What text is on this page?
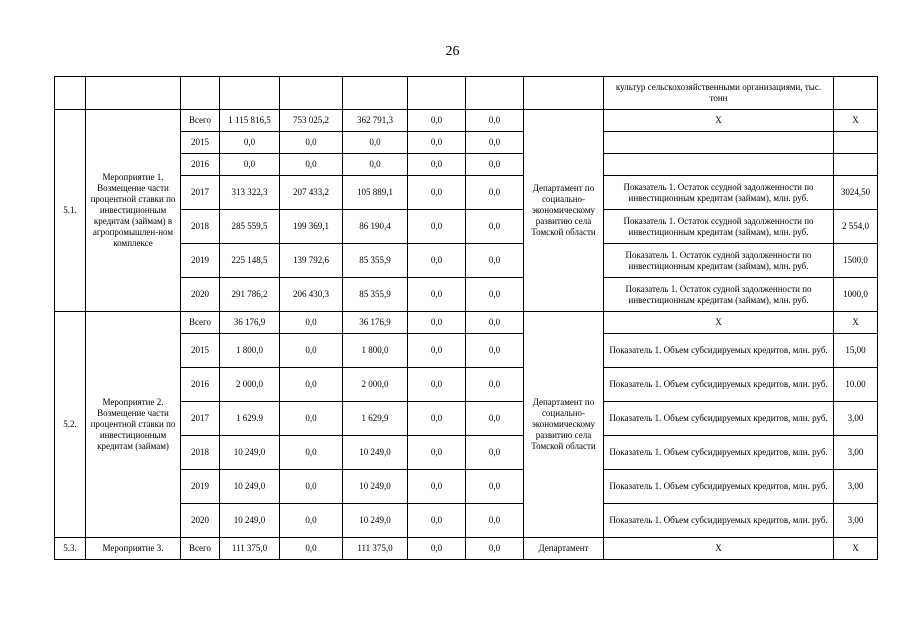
26
									культур сельскохозяйственными организациями, тыс. тонн	
5.1.	Мероприятие 1. Возмещение части процентной ставки по инвестиционным кредитам (займам) в агропромышлен-ном комплексе	Всего	1 115 816,5	753 025,2	362 791,3	0,0	0,0	Департамент по социально-экономическому развитию села Томской области	Х	Х
		2015	0,0	0,0	0,0	0,0	0,0			
		2016	0,0	0,0	0,0	0,0	0,0			
		2017	313 322,3	207 433,2	105 889,1	0,0	0,0		Показатель 1. Остаток ссудной задолженности по инвестиционным кредитам (займам), млн. руб.	3024,50
		2018	285 559,5	199 369,1	86 190,4	0,0	0,0		Показатель 1. Остаток ссудной задолженности по инвестиционным кредитам (займам), млн. руб.	2 554,0
		2019	225 148,5	139 792,6	85 355,9	0,0	0,0		Показатель 1. Остаток судной задолженности по инвестиционным кредитам (займам), млн. руб.	1500,0
		2020	291 786,2	206 430,3	85 355,9	0,0	0,0		Показатель 1. Остаток судной задолженности по инвестиционным кредитам (займам), млн. руб.	1000,0
5.2.	Мероприятие 2. Возмещение части процентной ставки по инвестиционным кредитам (займам)	Всего	36 176,9	0,0	36 176,9	0,0	0,0	Департамент по социально-экономическому развитию села Томской области	Х	Х
		2015	1 800,0	0,0	1 800,0	0,0	0,0		Показатель 1. Объем субсидируемых кредитов, млн. руб.	15,00
		2016	2 000,0	0,0	2 000,0	0,0	0,0		Показатель 1. Объем субсидируемых кредитов, млн. руб.	10.00
		2017	1 629.9	0,0	1 629,9	0,0	0,0		Показатель 1. Объем субсидируемых кредитов, млн. руб.	3,00
		2018	10 249,0	0,0	10 249,0	0,0	0,0		Показатель 1. Объем субсидируемых кредитов, млн. руб.	3,00
		2019	10 249,0	0,0	10 249,0	0,0	0,0		Показатель 1. Объем субсидируемых кредитов, млн. руб.	3,00
		2020	10 249,0	0,0	10 249,0	0,0	0,0		Показатель 1. Объем субсидируемых кредитов, млн. руб.	3,00
5.3.	Мероприятие 3.	Всего	111 375,0	0,0	111 375,0	0,0	0,0	Департамент	Х	Х
